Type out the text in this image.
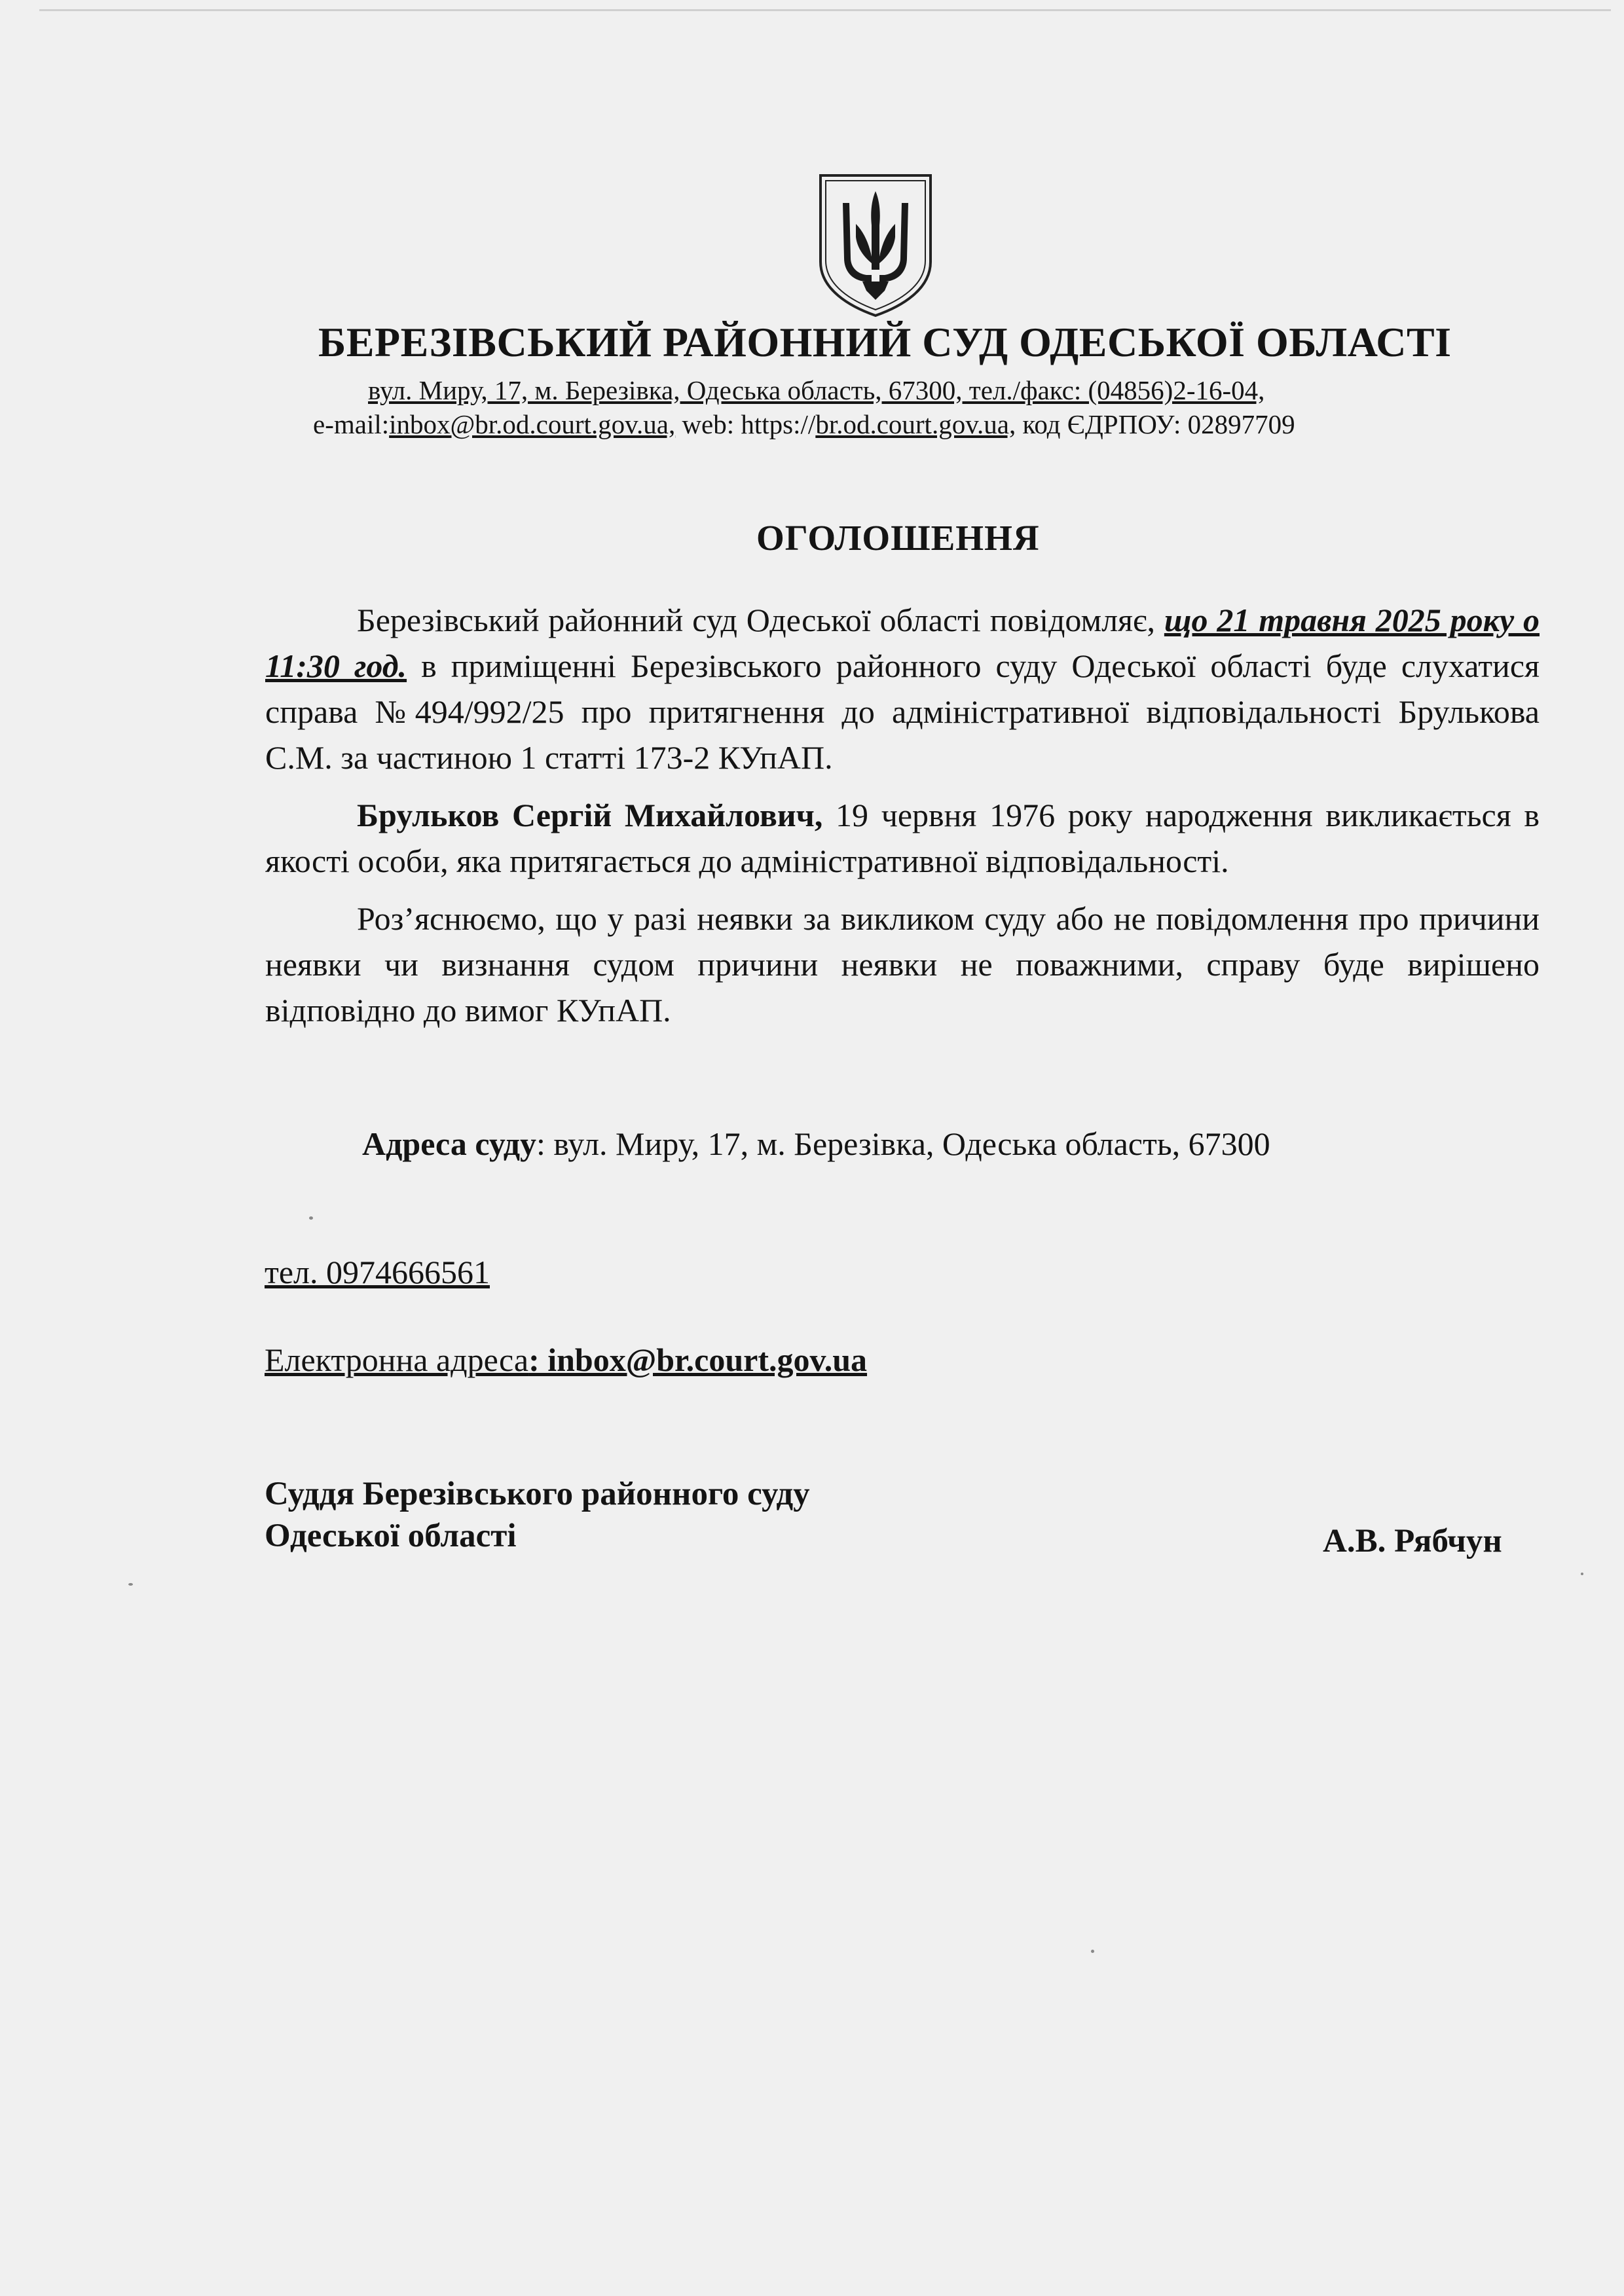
БЕРЕЗІВСЬКИЙ РАЙОННИЙ СУД ОДЕСЬКОЇ ОБЛАСТІ
вул. Миру, 17, м. Березівка, Одеська область, 67300, тел./факс: (04856)2-16-04,
e-mail:inbox@br.od.court.gov.ua, web: https://br.od.court.gov.ua, код ЄДРПОУ: 02897709
ОГОЛОШЕННЯ

Березівський районний суд Одеської області повідомляє, що 21 травня 2025 року о 11:30 год. в приміщенні Березівського районного суду Одеської області буде слухатися справа №494/992/25 про притягнення до адміністративної відповідальності Брулькова С.М. за частиною 1 статті 173-2 КУпАП.

Брульков Сергій Михайлович, 19 червня 1976 року народження викликається в якості особи, яка притягається до адміністративної відповідальності.

Роз’яснюємо, що у разі неявки за викликом суду або не повідомлення про причини неявки чи визнання судом причини неявки не поважними, справу буде вирішено відповідно до вимог КУпАП.

Адреса суду: вул. Миру, 17, м. Березівка, Одеська область, 67300
тел. 0974666561
Електронна адреса: inbox@br.court.gov.ua
Суддя Березівського районного суду
Одеської області	А.В. Рябчун
